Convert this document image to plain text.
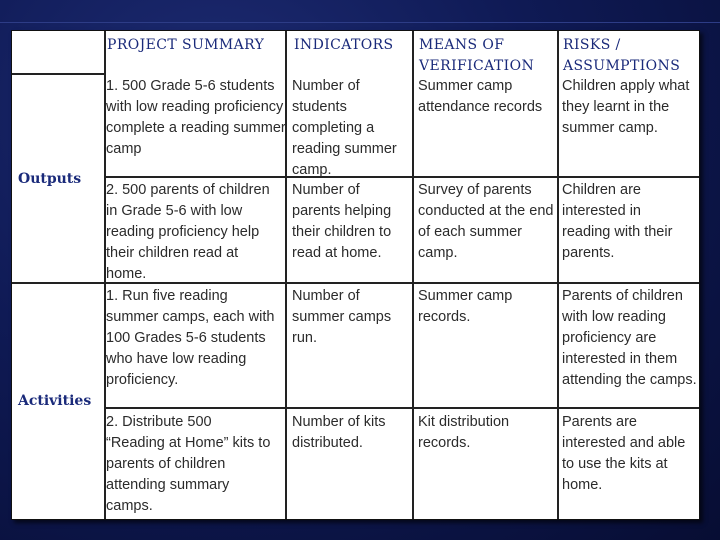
PROJECT SUMMARY	INDICATORS	MEANS OF VERIFICATION
RISKS / ASSUMPTIONS
Outputs
Activities
1. 500 Grade 5-6 students with low reading proficiency complete a reading summer camp
Number of students completing a reading summer camp.
Summer camp attendance records
Children apply what they learnt in the summer camp.
2. 500 parents of children in Grade 5-6 with low reading proficiency help their children read at home.
Number of parents helping their children to read at home.
Survey of parents conducted at the end of each summer camp.
Children are interested in reading with their parents.
1. Run five reading summer camps, each with 100 Grades 5-6 students who have low reading proficiency.
Number of summer camps run.
Summer camp records.
Parents of children with low reading proficiency are interested in them attending the camps.
2. Distribute 500 “Reading at Home” kits to parents of children attending summary camps.
Number of kits distributed.
Kit distribution records.
Parents are interested and able to use the kits at home.
